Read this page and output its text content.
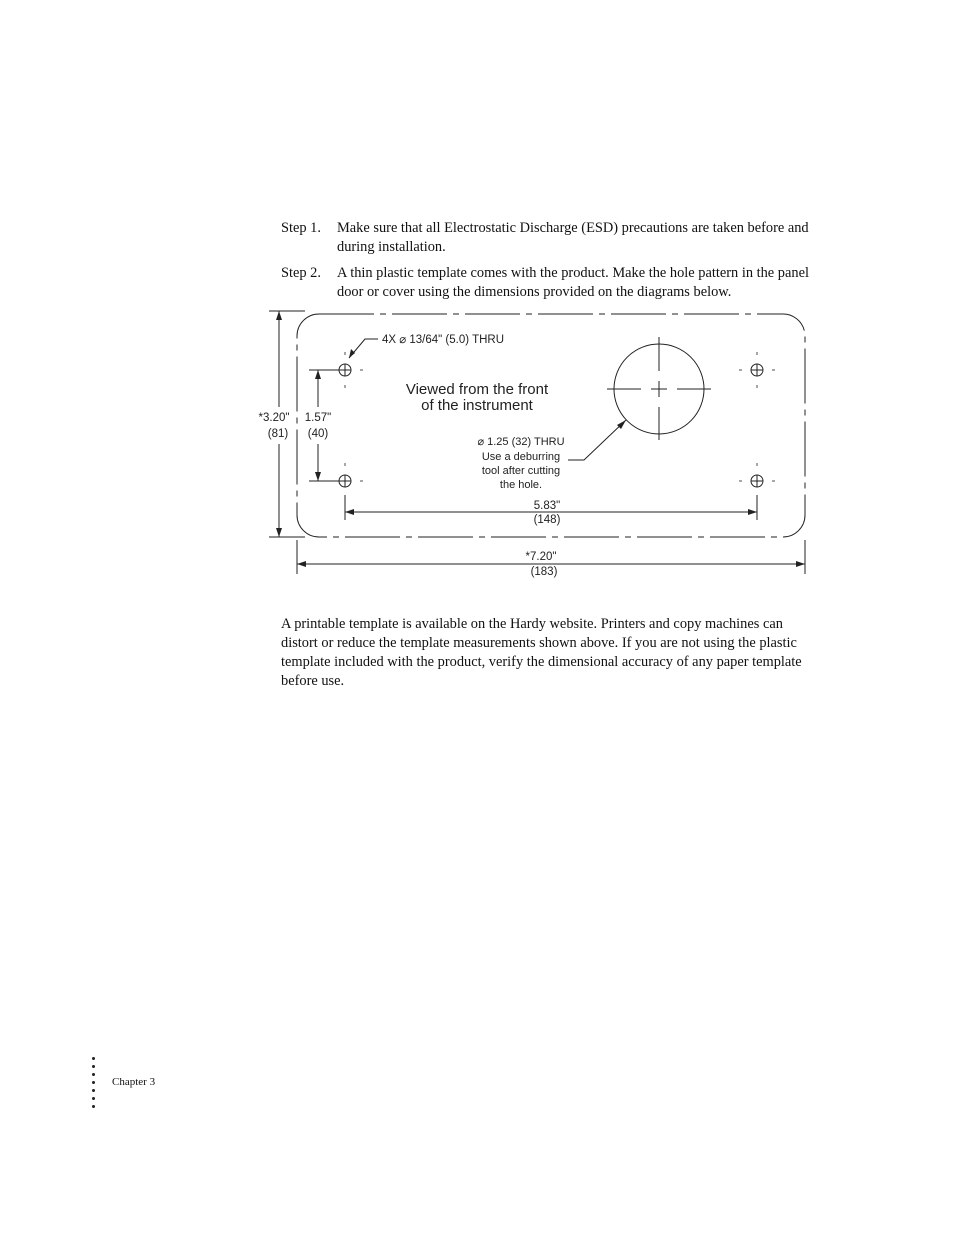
Step 1. Make sure that all Electrostatic Discharge (ESD) precautions are taken before and during installation.
Step 2. A thin plastic template comes with the product. Make the hole pattern in the panel door or cover using the dimensions provided on the diagrams below.
4X ⌀ 13/64" (5.0) THRU
Viewed from the front
of the instrument
⌀ 1.25 (32) THRU
Use a deburring
tool after cutting
the hole.
*3.20"
(81)
1.57"
(40)
5.83"
(148)
*7.20"
(183)
A printable template is available on the Hardy website. Printers and copy machines can distort or reduce the template measurements shown above. If you are not using the plastic template included with the product, verify the dimensional accuracy of any paper template before use.
Chapter 3
